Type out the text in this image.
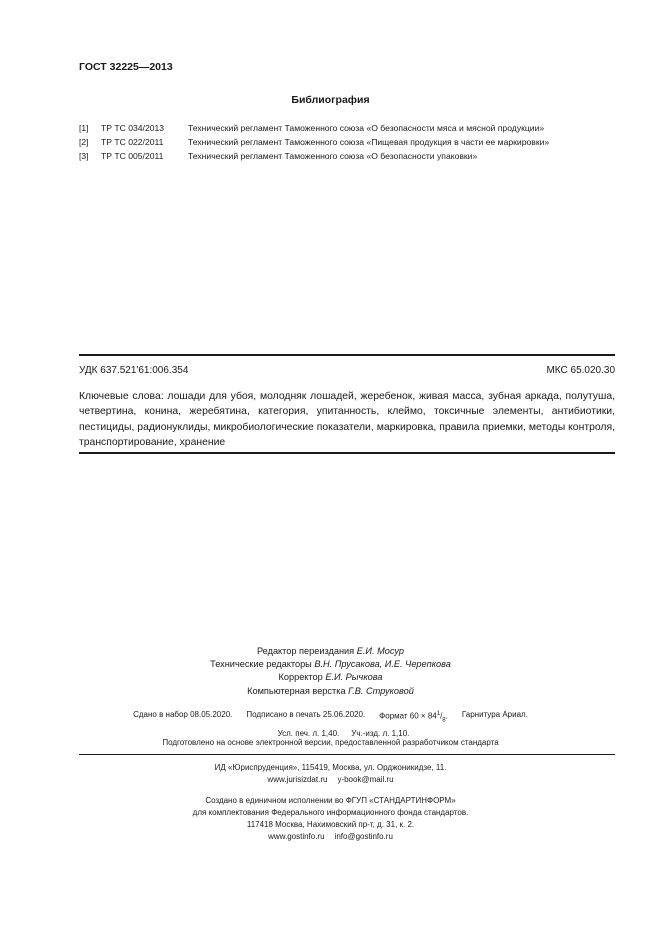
ГОСТ 32225—2013
Библиография
[1]	ТР ТС 034/2013	Технический регламент Таможенного союза «О безопасности мяса и мясной продукции»
[2]	ТР ТС 022/2011	Технический регламент Таможенного союза «Пищевая продукция в части ее маркировки»
[3]	ТР ТС 005/2011	Технический регламент Таможенного союза «О безопасности упаковки»
УДК 637.521'61:006.354	МКС 65.020.30
Ключевые слова: лошади для убоя, молодняк лошадей, жеребенок, живая масса, зубная аркада, полутуша, четвертина, конина, жеребятина, категория, упитанность, клеймо, токсичные элементы, антибиотики, пестициды, радионуклиды, микробиологические показатели, маркировка, правила приемки, методы контроля, транспортирование, хранение
Редактор переиздания Е.И. Мосур
Технические редакторы В.Н. Прусакова, И.Е. Черепкова
Корректор Е.И. Рычкова
Компьютерная верстка Г.В. Струковой
Сдано в набор 08.05.2020. Подписано в печать 25.06.2020. Формат $60 \times 84^1/_8$. Гарнитура Ариал.
Усл. печ. л. 1,40. Уч.-изд. л. 1,10.
Подготовлено на основе электронной версии, предоставленной разработчиком стандарта
ИД «Юриспруденция», 115419, Москва, ул. Орджоникидзе, 11.
www.jurisizdat.ru y-book@mail.ru
Создано в единичном исполнении во ФГУП «СТАНДАРТИНФОРМ»
для комплектования Федерального информационного фонда стандартов.
117418 Москва, Нахимовский пр-т, д. 31, к. 2.
www.gostinfo.ru info@gostinfo.ru
